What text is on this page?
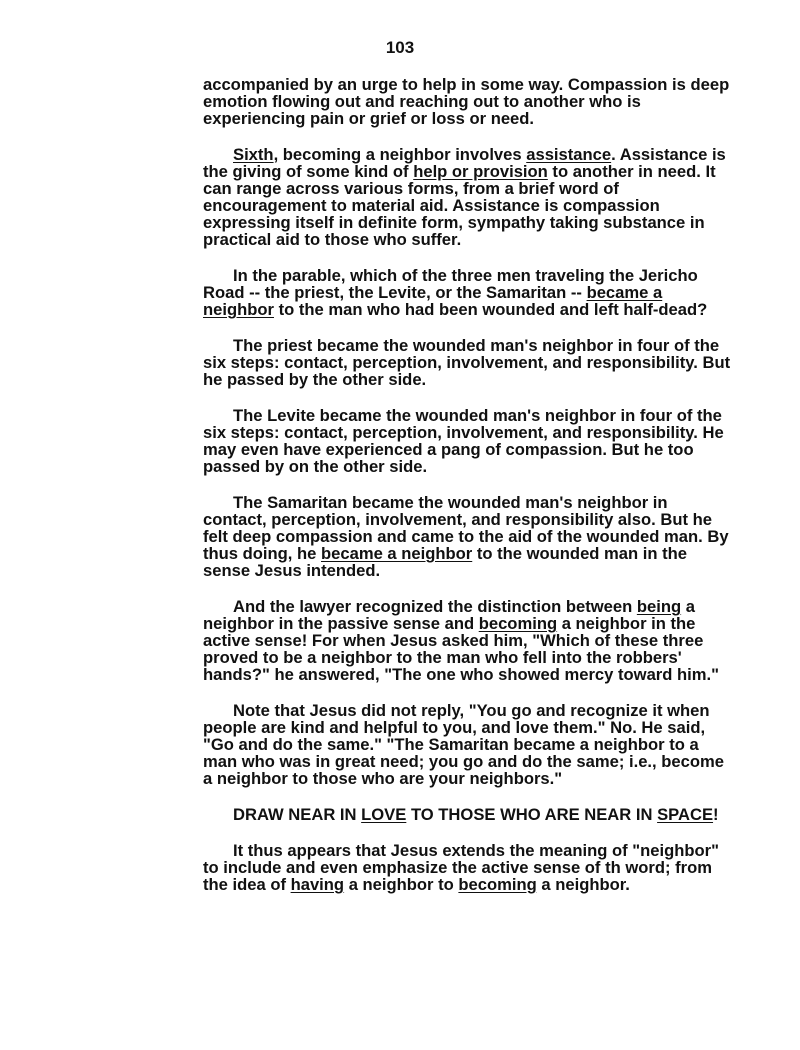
103

accompanied by an urge to help in some way. Compassion is deep emotion flowing out and reaching out to another who is experiencing pain or grief or loss or need.

Sixth, becoming a neighbor involves assistance. Assistance is the giving of some kind of help or provision to another in need. It can range across various forms, from a brief word of encouragement to material aid. Assistance is compassion expressing itself in definite form, sympathy taking substance in practical aid to those who suffer.

In the parable, which of the three men traveling the Jericho Road -- the priest, the Levite, or the Samaritan -- became a neighbor to the man who had been wounded and left half-dead?

The priest became the wounded man's neighbor in four of the six steps: contact, perception, involvement, and responsibility. But he passed by the other side.

The Levite became the wounded man's neighbor in four of the six steps: contact, perception, involvement, and responsibility. He may even have experienced a pang of compassion. But he too passed by on the other side.

The Samaritan became the wounded man's neighbor in contact, perception, involvement, and responsibility also. But he felt deep compassion and came to the aid of the wounded man. By thus doing, he became a neighbor to the wounded man in the sense Jesus intended.

And the lawyer recognized the distinction between being a neighbor in the passive sense and becoming a neighbor in the active sense! For when Jesus asked him, "Which of these three proved to be a neighbor to the man who fell into the robbers' hands?" he answered, "The one who showed mercy toward him."

Note that Jesus did not reply, "You go and recognize it when people are kind and helpful to you, and love them." No. He said, "Go and do the same." "The Samaritan became a neighbor to a man who was in great need; you go and do the same; i.e., become a neighbor to those who are your neighbors."

DRAW NEAR IN LOVE TO THOSE WHO ARE NEAR IN SPACE!

It thus appears that Jesus extends the meaning of "neighbor" to include and even emphasize the active sense of th word; from the idea of having a neighbor to becoming a neighbor.
